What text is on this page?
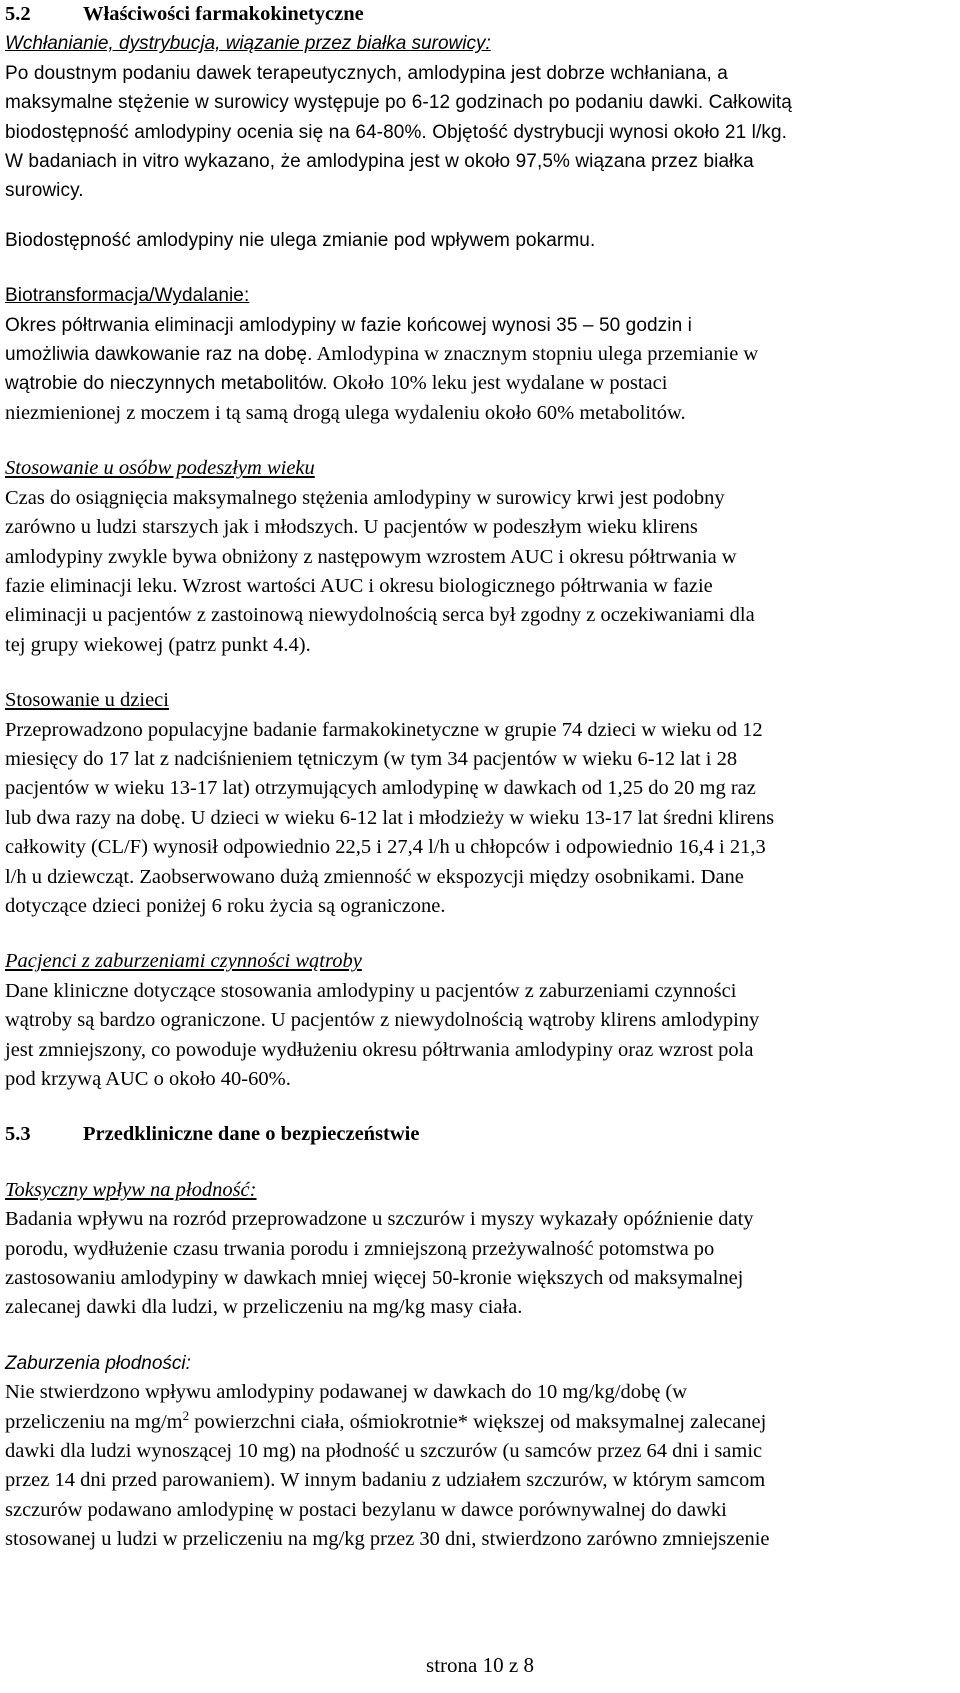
5.2	Właściwości farmakokinetyczne

Wchłanianie, dystrybucja, wiązanie przez białka surowicy:

Po doustnym podaniu dawek terapeutycznych, amlodypina jest dobrze wchłaniana, a

maksymalne stężenie w surowicy występuje po 6-12 godzinach po podaniu dawki. Całkowitą

biodostępność amlodypiny ocenia się na 64-80%. Objętość dystrybucji wynosi około 21 l/kg.

W badaniach in vitro wykazano, że amlodypina jest w około 97,5% wiązana przez białka

surowicy.

Biodostępność amlodypiny nie ulega zmianie pod wpływem pokarmu.

Biotransformacja/Wydalanie:

Okres półtrwania eliminacji amlodypiny w fazie końcowej wynosi 35 – 50 godzin i

umożliwia dawkowanie raz na dobę. Amlodypina w znacznym stopniu ulega przemianie w

wątrobie do nieczynnych metabolitów. Około 10% leku jest wydalane w postaci

niezmienionej z moczem i tą samą drogą ulega wydaleniu około 60% metabolitów.

Stosowanie u osóbw podeszłym wieku

Czas do osiągnięcia maksymalnego stężenia amlodypiny w surowicy krwi jest podobny

zarówno u ludzi starszych jak i młodszych. U pacjentów w podeszłym wieku klirens

amlodypiny zwykle bywa obniżony z następowym wzrostem AUC i okresu półtrwania w

fazie eliminacji leku. Wzrost wartości AUC i okresu biologicznego półtrwania w fazie

eliminacji u pacjentów z zastoinową niewydolnością serca był zgodny z oczekiwaniami dla

tej grupy wiekowej (patrz punkt 4.4).

Stosowanie u dzieci

Przeprowadzono populacyjne badanie farmakokinetyczne w grupie 74 dzieci w wieku od 12

miesięcy do 17 lat z nadciśnieniem tętniczym (w tym 34 pacjentów w wieku 6-12 lat i 28

pacjentów w wieku 13-17 lat) otrzymujących amlodypinę w dawkach od 1,25 do 20 mg raz

lub dwa razy na dobę. U dzieci w wieku 6-12 lat i młodzieży w wieku 13-17 lat średni klirens

całkowity (CL/F) wynosił odpowiednio 22,5 i 27,4 l/h u chłopców i odpowiednio 16,4 i 21,3

l/h u dziewcząt. Zaobserwowano dużą zmienność w ekspozycji między osobnikami. Dane

dotyczące dzieci poniżej 6 roku życia są ograniczone.

Pacjenci z zaburzeniami czynności wątroby

Dane kliniczne dotyczące stosowania amlodypiny u pacjentów z zaburzeniami czynności

wątroby są bardzo ograniczone. U pacjentów z niewydolnością wątroby klirens amlodypiny

jest zmniejszony, co powoduje wydłużeniu okresu półtrwania amlodypiny oraz wzrost pola

pod krzywą AUC o około 40-60%.

5.3	Przedkliniczne dane o bezpieczeństwie

Toksyczny wpływ na płodność:

Badania wpływu na rozród przeprowadzone u szczurów i myszy wykazały opóźnienie daty

porodu, wydłużenie czasu trwania porodu i zmniejszoną przeżywalność potomstwa po

zastosowaniu amlodypiny w dawkach mniej więcej 50-kronie większych od maksymalnej

zalecanej dawki dla ludzi, w przeliczeniu na mg/kg masy ciała.

Zaburzenia płodności:

Nie stwierdzono wpływu amlodypiny podawanej w dawkach do 10 mg/kg/dobę (w

przeliczeniu na $mg/m^2$ powierzchni ciała, ośmiokrotnie* większej od maksymalnej zalecanej

dawki dla ludzi wynoszącej 10 mg) na płodność u szczurów (u samców przez 64 dni i samic

przez 14 dni przed parowaniem). W innym badaniu z udziałem szczurów, w którym samcom

szczurów podawano amlodypinę w postaci bezylanu w dawce porównywalnej do dawki

stosowanej u ludzi w przeliczeniu na mg/kg przez 30 dni, stwierdzono zarówno zmniejszenie

strona 10 z 8
